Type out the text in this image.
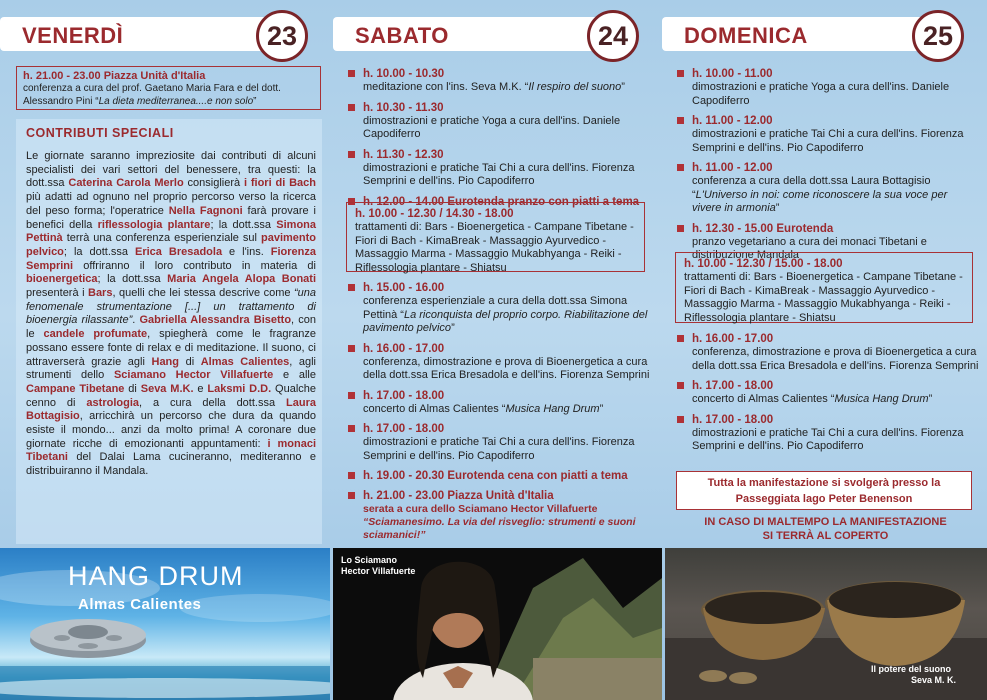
VENERDÌ	23
h. 21.00 - 23.00 Piazza Unità d'Italia
conferenza a cura del prof. Gaetano Maria Fara e del dott.
Alessandro Pini “La dieta mediterranea....e non solo”
CONTRIBUTI SPECIALI
Le giornate saranno impreziosite dai contributi di alcuni specialisti dei vari settori del benessere, tra questi: la dott.ssa Caterina Carola Merlo consiglierà i fiori di Bach più adatti ad ognuno nel proprio percorso verso la ricerca del peso forma; l'operatrice Nella Fagnoni farà provare i benefici della riflessologia plantare; la dott.ssa Simona Pettinà terrà una conferenza esperienziale sul pavimento pelvico; la dott.ssa Erica Bresadola e l'ins. Fiorenza Semprini offriranno il loro contributo in materia di bioenergetica; la dott.ssa Maria Angela Alopa Bonati presenterà i Bars, quelli che lei stessa descrive come “una fenomenale strumentazione [...] un trattamento di bioenergia rilassante”. Gabriella Alessandra Bisetto, con le candele profumate, spiegherà come le fragranze possano essere fonte di relax e di meditazione. Il suono, ci attraverserà grazie agli Hang di Almas Calientes, agli strumenti dello Sciamano Hector Villafuerte e alle Campane Tibetane di Seva M.K. e Laksmi D.D. Qualche cenno di astrologia, a cura della dott.ssa Laura Bottagisio, arricchirà un percorso che dura da quando esiste il mondo... anzi da molto prima! A coronare due giornate ricche di emozionanti appuntamenti: i monaci Tibetani del Dalai Lama cucineranno, mediteranno e distribuiranno il Mandala.
SABATO	24
h. 10.00 - 10.30
meditazione con l'ins. Seva M.K. “Il respiro del suono”
h. 10.30 - 11.30
dimostrazioni e pratiche Yoga a cura dell'ins. Daniele Capodiferro
h. 11.30 - 12.30
dimostrazioni e pratiche Tai Chi a cura dell'ins. Fiorenza Semprini e dell'ins. Pio Capodiferro
h. 12.00 - 14.00 Eurotenda pranzo con piatti a tema
h. 10.00 - 12.30 / 14.30 - 18.00
trattamenti di: Bars - Bioenergetica - Campane Tibetane - Fiori di Bach - KimaBreak - Massaggio Ayurvedico - Massaggio Marma - Massaggio Mukabhyanga - Reiki - Riflessologia plantare - Shiatsu
h. 15.00 - 16.00
conferenza esperienziale a cura della dott.ssa Simona Pettinà “La riconquista del proprio corpo. Riabilitazione del pavimento pelvico”
h. 16.00 - 17.00
conferenza, dimostrazione e prova di Bioenergetica a cura della dott.ssa Erica Bresadola e dell'ins. Fiorenza Semprini
h. 17.00 - 18.00
concerto di Almas Calientes “Musica Hang Drum”
h. 17.00 - 18.00
dimostrazioni e pratiche Tai Chi a cura dell'ins. Fiorenza Semprini e dell'ins. Pio Capodiferro
h. 19.00 - 20.30 Eurotenda cena con piatti a tema
h. 21.00 - 23.00 Piazza Unità d'Italia
serata a cura dello Sciamano Hector Villafuerte
“Sciamanesimo. La via del risveglio: strumenti e suoni sciamanici!”
DOMENICA	25
h. 10.00 - 11.00
dimostrazioni e pratiche Yoga a cura dell'ins. Daniele Capodiferro
h. 11.00 - 12.00
dimostrazioni e pratiche Tai Chi a cura dell'ins. Fiorenza Semprini e dell'ins. Pio Capodiferro
h. 11.00 - 12.00
conferenza a cura della dott.ssa Laura Bottagisio “L'Universo in noi: come riconoscere la sua voce per vivere in armonia”
h. 12.30 - 15.00 Eurotenda
pranzo vegetariano a cura dei monaci Tibetani e distribuzione Mandala
h. 10.00 - 12.30 / 15.00 - 18.00
trattamenti di: Bars - Bioenergetica - Campane Tibetane - Fiori di Bach - KimaBreak - Massaggio Ayurvedico - Massaggio Marma - Massaggio Mukabhyanga - Reiki - Riflessologia plantare - Shiatsu
h. 16.00 - 17.00
conferenza, dimostrazione e prova di Bioenergetica a cura della dott.ssa Erica Bresadola e dell'ins. Fiorenza Semprini
h. 17.00 - 18.00
concerto di Almas Calientes “Musica Hang Drum”
h. 17.00 - 18.00
dimostrazioni e pratiche Tai Chi a cura dell'ins. Fiorenza Semprini e dell'ins. Pio Capodiferro
Tutta la manifestazione si svolgerà presso la
Passeggiata lago Peter Benenson
IN CASO DI MALTEMPO LA MANIFESTAZIONE
SI TERRÀ AL COPERTO
HANG DRUM
Almas Calientes
Lo Sciamano
Hector Villafuerte
Il potere del suono
Seva M. K.
